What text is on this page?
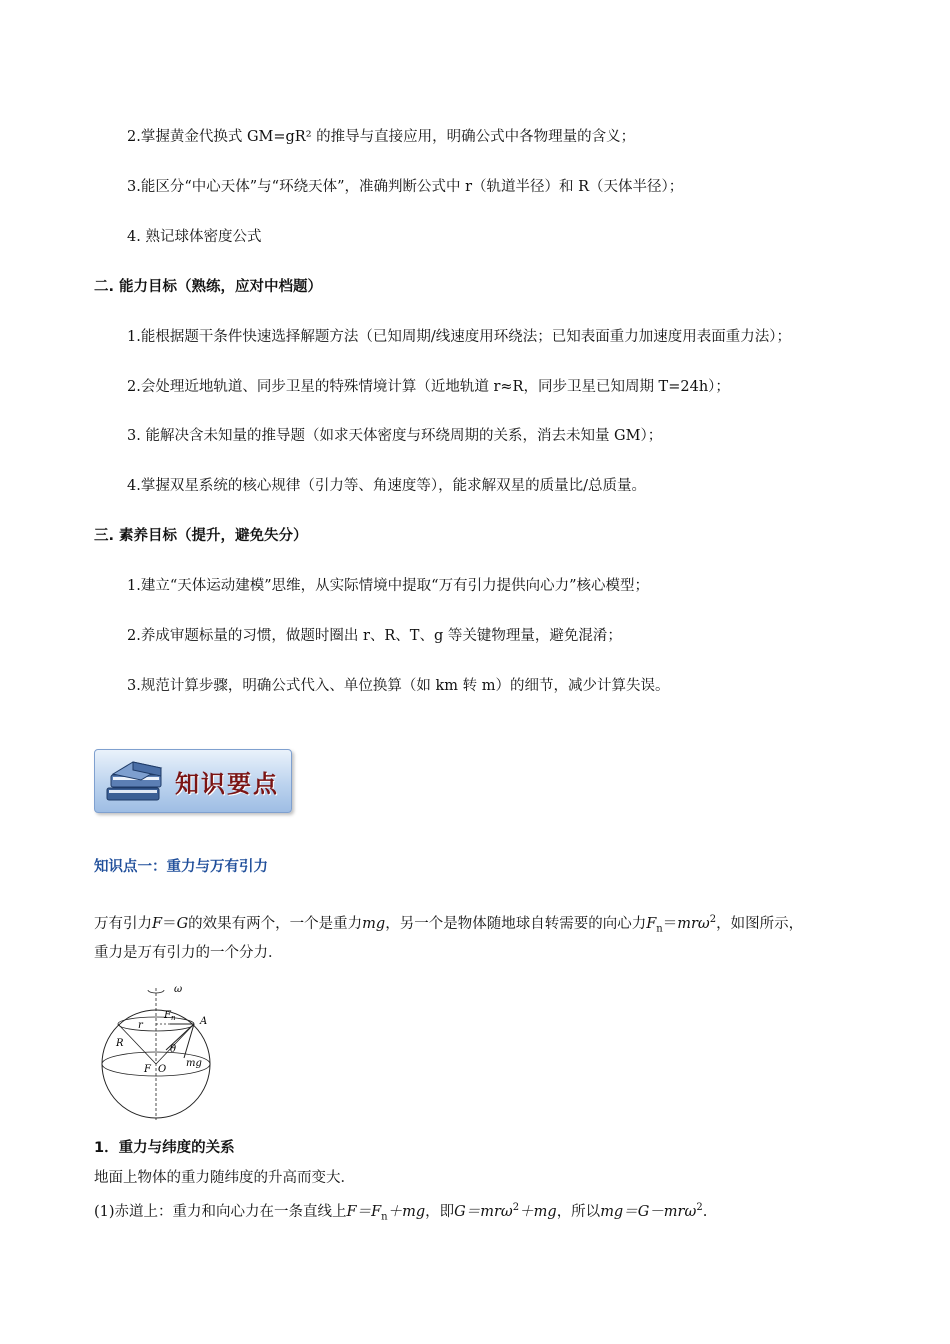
2.掌握黄金代换式 GM=gR² 的推导与直接应用，明确公式中各物理量的含义；
3.能区分“中心天体”与“环绕天体”，准确判断公式中 r（轨道半径）和 R（天体半径）；
4. 熟记球体密度公式
二. 能力目标（熟练，应对中档题）
1.能根据题干条件快速选择解题方法（已知周期/线速度用环绕法；已知表面重力加速度用表面重力法）；
2.会处理近地轨道、同步卫星的特殊情境计算（近地轨道 r≈R，同步卫星已知周期 T=24h）；
3. 能解决含未知量的推导题（如求天体密度与环绕周期的关系，消去未知量 GM）；
4.掌握双星系统的核心规律（引力等、角速度等），能求解双星的质量比/总质量。
三. 素养目标（提升，避免失分）
1.建立“天体运动建模”思维，从实际情境中提取“万有引力提供向心力”核心模型；
2.养成审题标量的习惯，做题时圈出 r、R、T、g 等关键物理量，避免混淆；
3.规范计算步骤，明确公式代入、单位换算（如 km 转 m）的细节，减少计算失误。
知识要点
知识点一：重力与万有引力
万有引力F＝G的效果有两个，一个是重力mg，另一个是物体随地球自转需要的向心力$F_n=mr\omega^2$，如图所示，
重力是万有引力的一个分力．
ω
$F_n$ A
r
R
θ
mg
F O
1．重力与纬度的关系
地面上物体的重力随纬度的升高而变大．
(1)赤道上：重力和向心力在一条直线上$F=F_n+mg$，即G＝mrω$^2$＋mg，所以mg＝G－mrω$^2$.
